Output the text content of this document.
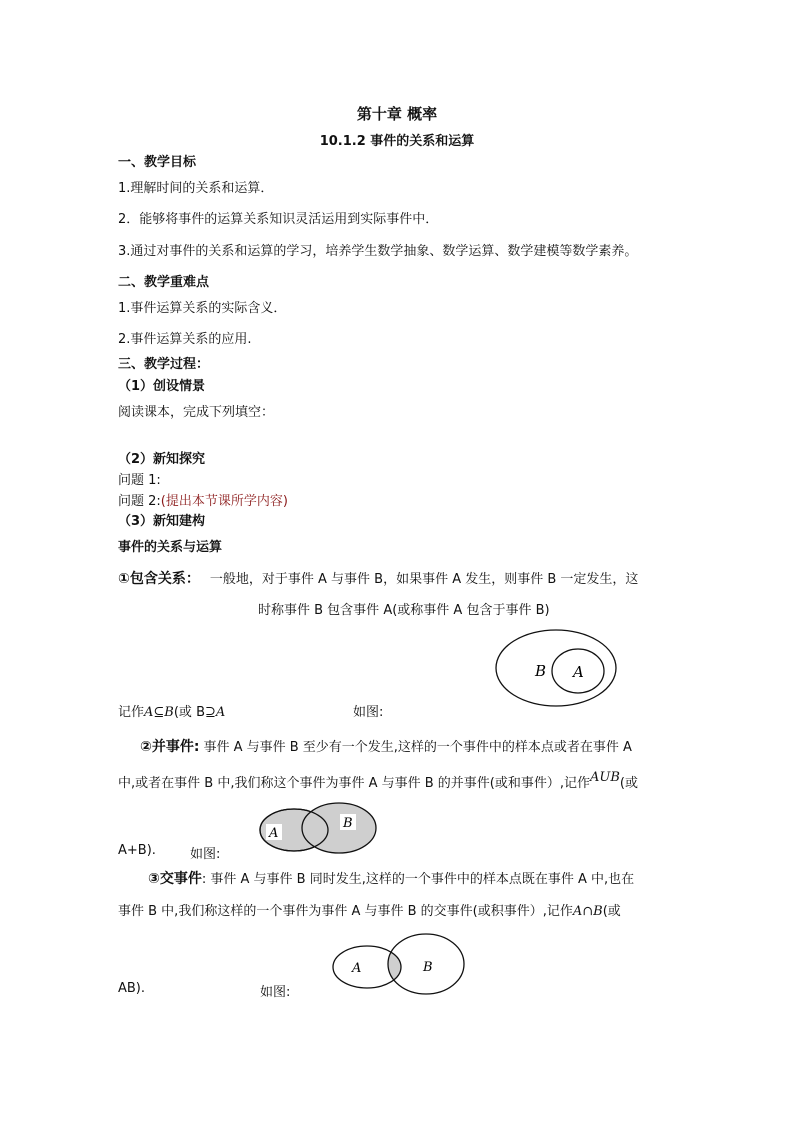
第十章 概率
10.1.2 事件的关系和运算
一、教学目标
1.理解时间的关系和运算．
2．能够将事件的运算关系知识灵活运用到实际事件中．
3.通过对事件的关系和运算的学习，培养学生数学抽象、数学运算、数学建模等数学素养。
二、教学重难点
1.事件运算关系的实际含义．
2.事件运算关系的应用.
三、教学过程：
（1）创设情景
阅读课本，完成下列填空：
（2）新知探究
问题 1:
问题 2:(提出本节课所学内容)
（3）新知建构
事件的关系与运算
①包含关系： 一般地，对于事件 A 与事件 B，如果事件 A 发生，则事件 B 一定发生，这
时称事件 B 包含事件 A(或称事件 A 包含于事件 B)
B A
记作A⊆B(或 B⊇A	如图:
②并事件: 事件 A 与事件 B 至少有一个发生,这样的一个事件中的样本点或者在事件 A
中,或者在事件 B 中,我们称这个事件为事件 A 与事件 B 的并事件(或和事件）,记作AUB(或
A
B
A+B).	如图:
③交事件: 事件 A 与事件 B 同时发生,这样的一个事件中的样本点既在事件 A 中,也在
事件 B 中,我们称这样的一个事件为事件 A 与事件 B 的交事件(或积事件）,记作A∩B(或
A	B
AB).	如图:
